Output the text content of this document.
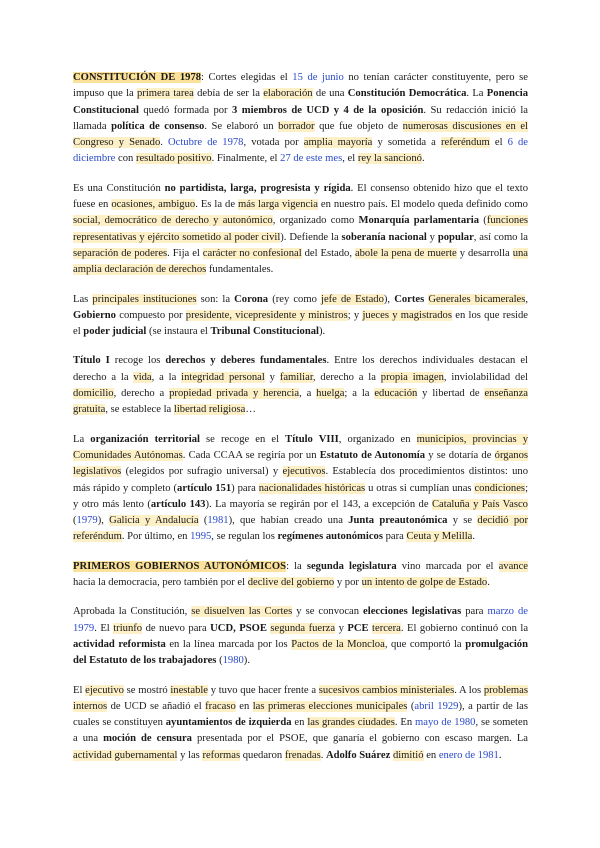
CONSTITUCIÓN DE 1978: Cortes elegidas el 15 de junio no tenían carácter constituyente, pero se impuso que la primera tarea debía de ser la elaboración de una Constitución Democrática. La Ponencia Constitucional quedó formada por 3 miembros de UCD y 4 de la oposición. Su redacción inició la llamada política de consenso. Se elaboró un borrador que fue objeto de numerosas discusiones en el Congreso y Senado. Octubre de 1978, votada por amplia mayoría y sometida a referéndum el 6 de diciembre con resultado positivo. Finalmente, el 27 de este mes, el rey la sancionó.

Es una Constitución no partidista, larga, progresista y rígida. El consenso obtenido hizo que el texto fuese en ocasiones, ambiguo. Es la de más larga vigencia en nuestro país. El modelo queda definido como social, democrático de derecho y autonómico, organizado como Monarquía parlamentaria (funciones representativas y ejército sometido al poder civil). Defiende la soberanía nacional y popular, así como la separación de poderes. Fija el carácter no confesional del Estado, abole la pena de muerte y desarrolla una amplia declaración de derechos fundamentales.

Las principales instituciones son: la Corona (rey como jefe de Estado), Cortes Generales bicamerales, Gobierno compuesto por presidente, vicepresidente y ministros; y jueces y magistrados en los que reside el poder judicial (se instaura el Tribunal Constitucional).

Título I recoge los derechos y deberes fundamentales. Entre los derechos individuales destacan el derecho a la vida, a la integridad personal y familiar, derecho a la propia imagen, inviolabilidad del domicilio, derecho a propiedad privada y herencia, a huelga; a la educación y libertad de enseñanza gratuita, se establece la libertad religiosa…

La organización territorial se recoge en el Título VIII, organizado en municipios, provincias y Comunidades Autónomas. Cada CCAA se regiría por un Estatuto de Autonomía y se dotaría de órganos legislativos (elegidos por sufragio universal) y ejecutivos. Establecía dos procedimientos distintos: uno más rápido y completo (artículo 151) para nacionalidades históricas u otras si cumplían unas condiciones; y otro más lento (artículo 143). La mayoría se regirán por el 143, a excepción de Cataluña y País Vasco (1979), Galicia y Andalucía (1981), que habían creado una Junta preautonómica y se decidió por referéndum. Por último, en 1995, se regulan los regímenes autonómicos para Ceuta y Melilla.

PRIMEROS GOBIERNOS AUTONÓMICOS: la segunda legislatura vino marcada por el avance hacia la democracia, pero también por el declive del gobierno y por un intento de golpe de Estado.

Aprobada la Constitución, se disuelven las Cortes y se convocan elecciones legislativas para marzo de 1979. El triunfo de nuevo para UCD, PSOE segunda fuerza y PCE tercera. El gobierno continuó con la actividad reformista en la línea marcada por los Pactos de la Moncloa, que comportó la promulgación del Estatuto de los trabajadores (1980).

El ejecutivo se mostró inestable y tuvo que hacer frente a sucesivos cambios ministeriales. A los problemas internos de UCD se añadió el fracaso en las primeras elecciones municipales (abril 1929), a partir de las cuales se constituyen ayuntamientos de izquierda en las grandes ciudades. En mayo de 1980, se someten a una moción de censura presentada por el PSOE, que ganaría el gobierno con escaso margen. La actividad gubernamental y las reformas quedaron frenadas. Adolfo Suárez dimitió en enero de 1981.
